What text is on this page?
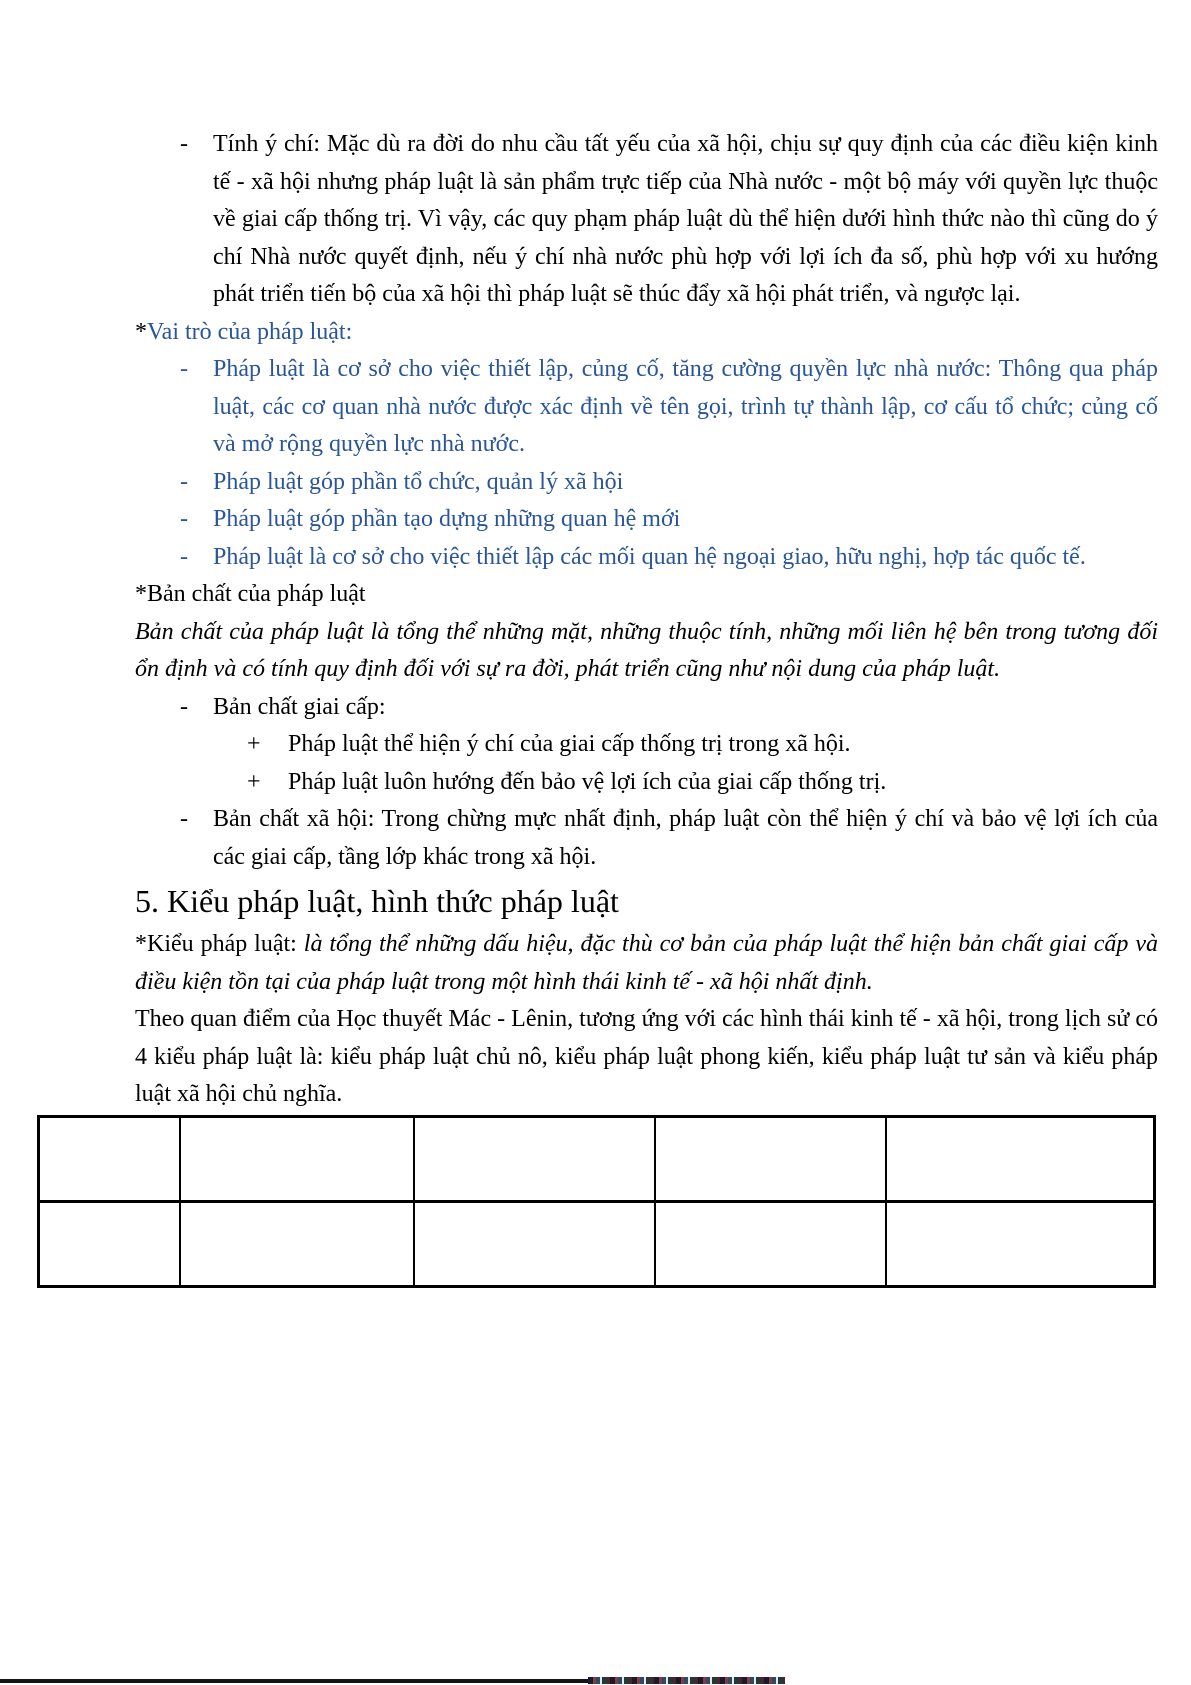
- Tính ý chí: Mặc dù ra đời do nhu cầu tất yếu của xã hội, chịu sự quy định của các điều kiện kinh tế - xã hội nhưng pháp luật là sản phẩm trực tiếp của Nhà nước - một bộ máy với quyền lực thuộc về giai cấp thống trị. Vì vậy, các quy phạm pháp luật dù thể hiện dưới hình thức nào thì cũng do ý chí Nhà nước quyết định, nếu ý chí nhà nước phù hợp với lợi ích đa số, phù hợp với xu hướng phát triển tiến bộ của xã hội thì pháp luật sẽ thúc đẩy xã hội phát triển, và ngược lại.

*Vai trò của pháp luật:

- Pháp luật là cơ sở cho việc thiết lập, củng cố, tăng cường quyền lực nhà nước: Thông qua pháp luật, các cơ quan nhà nước được xác định về tên gọi, trình tự thành lập, cơ cấu tổ chức; củng cố và mở rộng quyền lực nhà nước.

- Pháp luật góp phần tổ chức, quản lý xã hội

- Pháp luật góp phần tạo dựng những quan hệ mới

- Pháp luật là cơ sở cho việc thiết lập các mối quan hệ ngoại giao, hữu nghị, hợp tác quốc tế.

*Bản chất của pháp luật

Bản chất của pháp luật là tổng thể những mặt, những thuộc tính, những mối liên hệ bên trong tương đối ổn định và có tính quy định đối với sự ra đời, phát triển cũng như nội dung của pháp luật.

- Bản chất giai cấp:

+ Pháp luật thể hiện ý chí của giai cấp thống trị trong xã hội.

+ Pháp luật luôn hướng đến bảo vệ lợi ích của giai cấp thống trị.

- Bản chất xã hội: Trong chừng mực nhất định, pháp luật còn thể hiện ý chí và bảo vệ lợi ích của các giai cấp, tầng lớp khác trong xã hội.

5. Kiểu pháp luật, hình thức pháp luật

*Kiểu pháp luật: là tổng thể những dấu hiệu, đặc thù cơ bản của pháp luật thể hiện bản chất giai cấp và điều kiện tồn tại của pháp luật trong một hình thái kinh tế - xã hội nhất định.

Theo quan điểm của Học thuyết Mác - Lênin, tương ứng với các hình thái kinh tế - xã hội, trong lịch sử có 4 kiểu pháp luật là: kiểu pháp luật chủ nô, kiểu pháp luật phong kiến, kiểu pháp luật tư sản và kiểu pháp luật xã hội chủ nghĩa.
